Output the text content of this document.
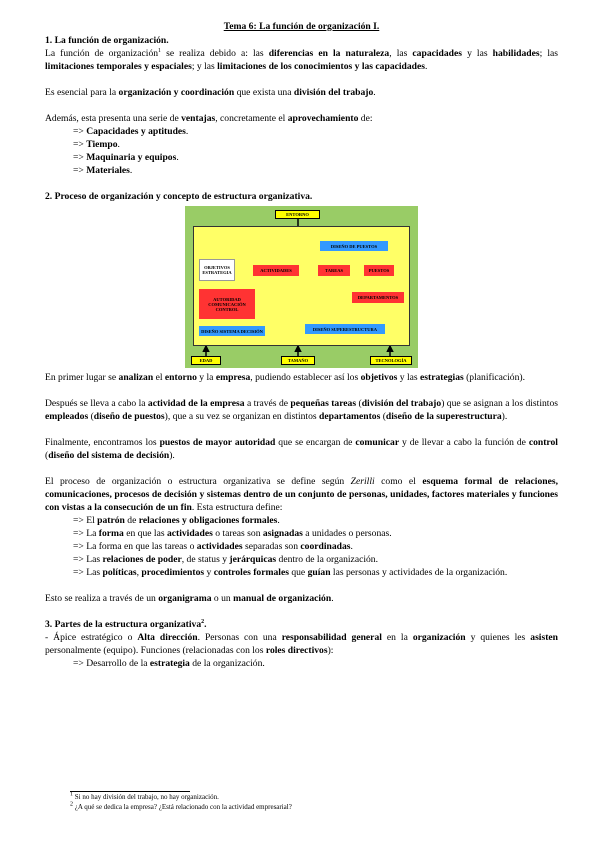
Tema 6: La función de organización I.
1. La función de organización.

La función de organización$^1$ se realiza debido a: las diferencias en la naturaleza, las capacidades y las habilidades; las limitaciones temporales y espaciales; y las limitaciones de los conocimientos y las capacidades.

Es esencial para la organización y coordinación que exista una división del trabajo.

Además, esta presenta una serie de ventajas, concretamente el aprovechamiento de:

=> Capacidades y aptitudes.
=> Tiempo.
=> Maquinaria y equipos.
=> Materiales.
2. Proceso de organización y concepto de estructura organizativa.
ENTORNO
DISEÑO DE PUESTOS
OBJETIVOS
ESTRATEGIA	ACTIVIDADES	TAREAS	PUESTOS
AUTORIDAD
COMUNICACIÓN
CONTROL
DEPARTAMENTOS
DISEÑO SISTEMA DECISIÓN	DISEÑO SUPERESTRUCTURA
EDAD	TAMAÑO	TECNOLOGÍA

En primer lugar se analizan el entorno y la empresa, pudiendo establecer así los objetivos y las estrategias (planificación).

Después se lleva a cabo la actividad de la empresa a través de pequeñas tareas (división del trabajo) que se asignan a los distintos empleados (diseño de puestos), que a su vez se organizan en distintos departamentos (diseño de la superestructura).

Finalmente, encontramos los puestos de mayor autoridad que se encargan de comunicar y de llevar a cabo la función de control (diseño del sistema de decisión).

El proceso de organización o estructura organizativa se define según Zerilli como el esquema formal de relaciones, comunicaciones, procesos de decisión y sistemas dentro de un conjunto de personas, unidades, factores materiales y funciones con vistas a la consecución de un fin. Esta estructura define:

=> El patrón de relaciones y obligaciones formales.
=> La forma en que las actividades o tareas son asignadas a unidades o personas.
=> La forma en que las tareas o actividades separadas son coordinadas.
=> Las relaciones de poder, de status y jerárquicas dentro de la organización.
=> Las políticas, procedimientos y controles formales que guían las personas y actividades de la organización.

Esto se realiza a través de un organigrama o un manual de organización.

3. Partes de la estructura organizativa$^2$.

- Ápice estratégico o Alta dirección. Personas con una responsabilidad general en la organización y quienes les asisten personalmente (equipo). Funciones (relacionadas con los roles directivos):

=> Desarrollo de la estrategia de la organización.
$^1$ Si no hay división del trabajo, no hay organización.
$^2$ ¿A qué se dedica la empresa? ¿Está relacionado con la actividad empresarial?
